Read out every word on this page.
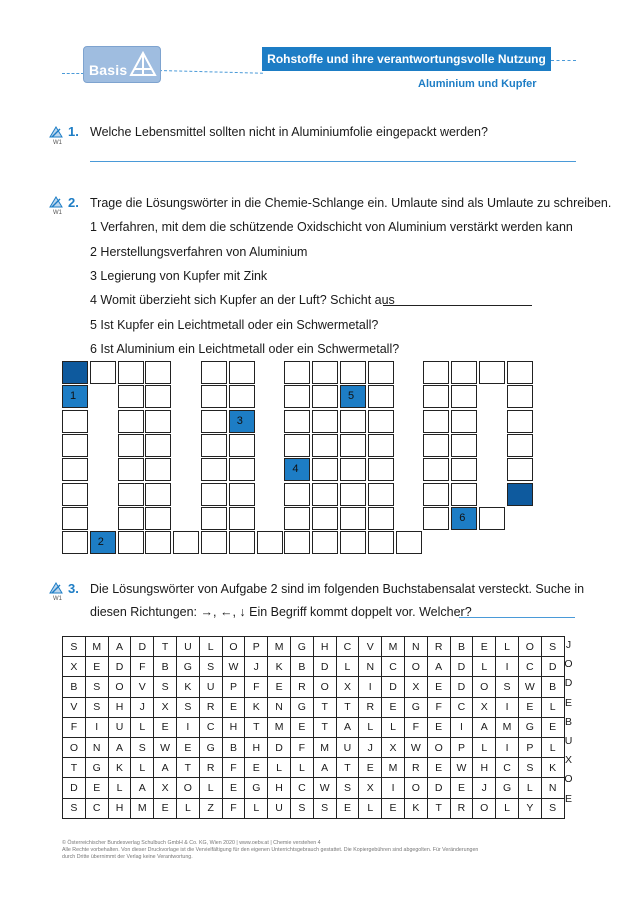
Basis
Rohstoffe und ihre verantwortungsvolle Nutzung
Aluminium und Kupfer
W1
1. Welche Lebensmittel sollten nicht in Aluminiumfolie eingepackt werden?
W1
2. Trage die Lösungswörter in die Chemie-Schlange ein. Umlaute sind als Umlaute zu schreiben.
1 Verfahren, mit dem die schützende Oxidschicht von Aluminium verstärkt werden kann
2 Herstellungsverfahren von Aluminium
3 Legierung von Kupfer mit Zink
4 Womit überzieht sich Kupfer an der Luft? Schicht aus
5 Ist Kupfer ein Leichtmetall oder ein Schwermetall?
6 Ist Aluminium ein Leichtmetall oder ein Schwermetall?
1
2
3
4
5
6
W1
3. Die Lösungswörter von Aufgabe 2 sind im folgenden Buchstabensalat versteckt. Suche in
diesen Richtungen: →, ←, ↓ Ein Begriff kommt doppelt vor. Welcher?
S	M	A	D	T	U	L	O	P	M	G	H	C	V	M	N	R	B	E	L	O	S
X	E	D	F	B	G	S	W	J	K	B	D	L	N	C	O	A	D	L	I	C	D
B	S	O	V	S	K	U	P	F	E	R	O	X	I	D	X	E	D	O	S	W	B
V	S	H	J	X	S	R	E	K	N	G	T	T	R	E	G	F	C	X	I	E	L
F	I	U	L	E	I	C	H	T	M	E	T	A	L	L	F	E	I	A	M	G	E
O	N	A	S	W	E	G	B	H	D	F	M	U	J	X	W	O	P	L	I	P	L
T	G	K	L	A	T	R	F	E	L	L	A	T	E	M	R	E	W	H	C	S	K
D	E	L	A	X	O	L	E	G	H	C	W	S	X	I	O	D	E	J	G	L	N
S	C	H	M	E	L	Z	F	L	U	S	S	E	L	E	K	T	R	O	L	Y	S
J
O
D
E
B
U
X
O
E
© Österreichischer Bundesverlag Schulbuch GmbH & Co. KG, Wien 2020 | www.oebv.at | Chemie verstehen 4
Alle Rechte vorbehalten. Von dieser Druckvorlage ist die Vervielfältigung für den eigenen Unterrichtsgebrauch gestattet. Die Kopiergebühren sind abgegolten. Für Veränderungen
durch Dritte übernimmt der Verlag keine Verantwortung.
